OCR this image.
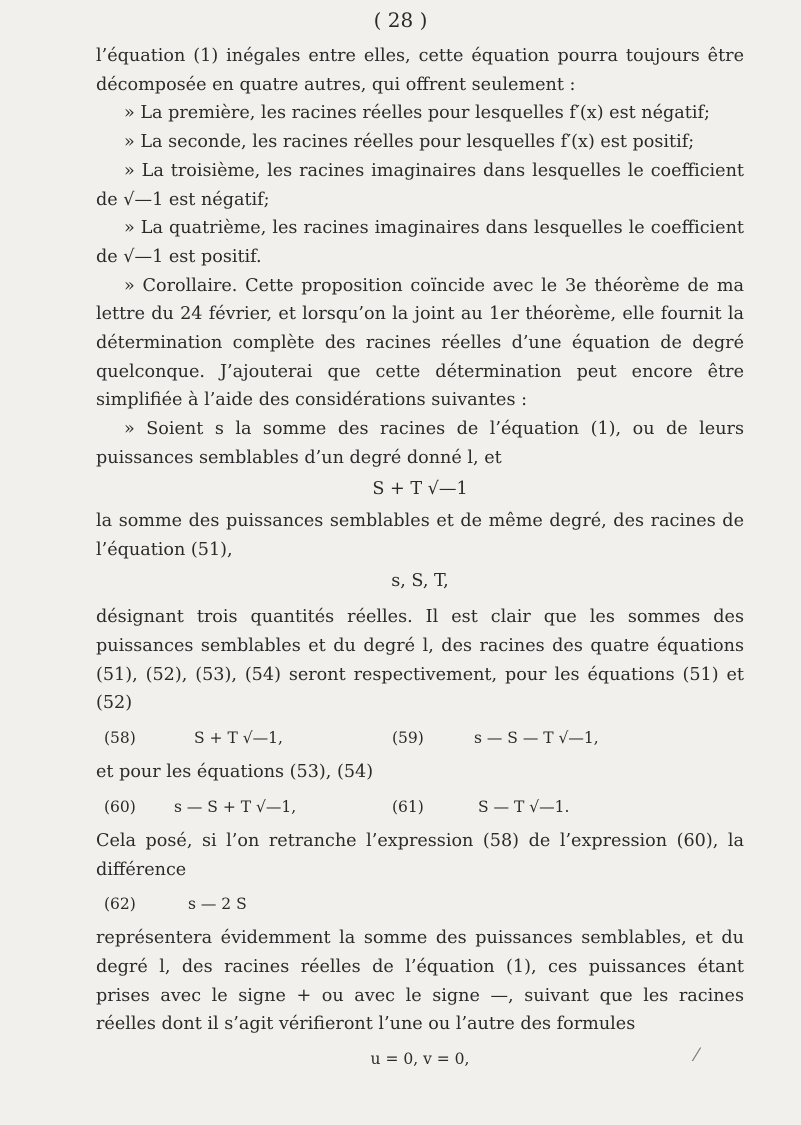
( 28 )

l’équation (1) inégales entre elles, cette équation pourra toujours être décomposée en quatre autres, qui offrent seulement :

» La première, les racines réelles pour lesquelles f′(x) est négatif;

» La seconde, les racines réelles pour lesquelles f′(x) est positif;

» La troisième, les racines imaginaires dans lesquelles le coefficient de √—1 est négatif;

» La quatrième, les racines imaginaires dans lesquelles le coefficient de √—1 est positif.

» Corollaire. Cette proposition coïncide avec le 3e théorème de ma lettre du 24 février, et lorsqu’on la joint au 1er théorème, elle fournit la détermination complète des racines réelles d’une équation de degré quelconque. J’ajouterai que cette détermination peut encore être simplifiée à l’aide des considérations suivantes :

» Soient s la somme des racines de l’équation (1), ou de leurs puissances semblables d’un degré donné l, et

S + T √—1

la somme des puissances semblables et de même degré, des racines de l’équation (51),

s, S, T,

désignant trois quantités réelles. Il est clair que les sommes des puissances semblables et du degré l, des racines des quatre équations (51), (52), (53), (54) seront respectivement, pour les équations (51) et (52)

(58)	S + T √—1,	(59)	s — S — T √—1,

et pour les équations (53), (54)

(60) s — S + T √—1,	(61)	S — T √—1.

Cela posé, si l’on retranche l’expression (58) de l’expression (60), la différence

(62)	s — 2 S

représentera évidemment la somme des puissances semblables, et du degré l, des racines réelles de l’équation (1), ces puissances étant prises avec le signe + ou avec le signe —, suivant que les racines réelles dont il s’agit vérifieront l’une ou l’autre des formules

u = 0, v = 0,	⁄
